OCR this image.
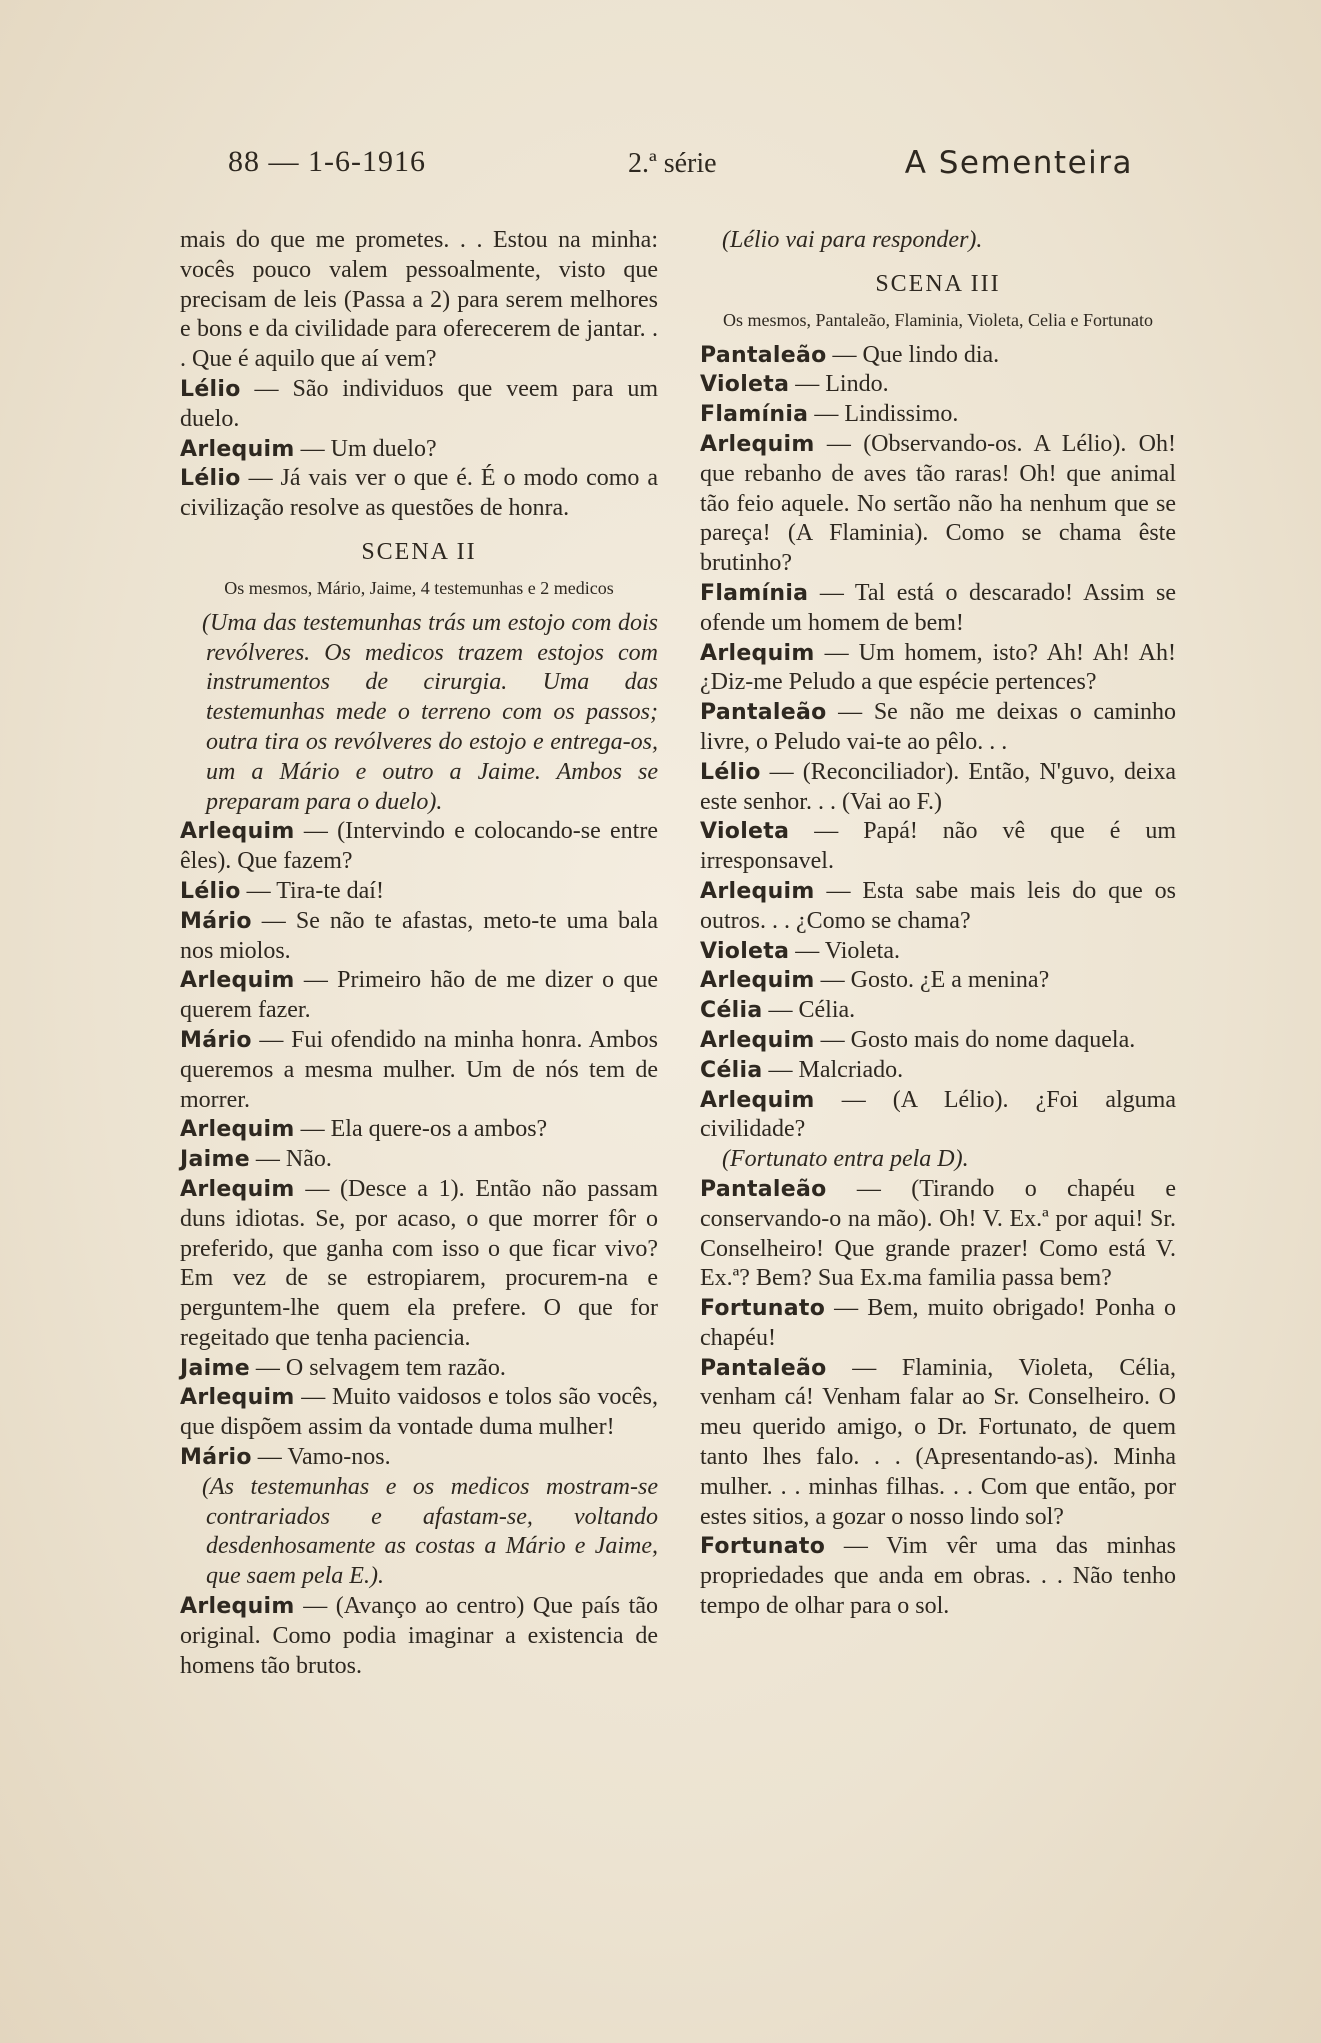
88 — 1-6-1916	2.ª série	A Sementeira

mais do que me prometes. . . Estou na minha: vocês pouco valem pessoalmente, visto que precisam de leis (Passa a 2) para serem melhores e bons e da civilidade para oferecerem de jantar. . . Que é aquilo que aí vem?

Lélio — São individuos que veem para um duelo.

Arlequim — Um duelo?

Lélio — Já vais ver o que é. É o modo como a civilização resolve as questões de honra.

SCENA II
Os mesmos, Mário, Jaime, 4 testemunhas e 2 medicos

(Uma das testemunhas trás um estojo com dois revólveres. Os medicos trazem estojos com instrumentos de cirurgia. Uma das testemunhas mede o terreno com os passos; outra tira os revólveres do estojo e entrega-os, um a Mário e outro a Jaime. Ambos se preparam para o duelo).

Arlequim — (Intervindo e colocando-se entre êles). Que fazem?

Lélio — Tira-te daí!

Mário — Se não te afastas, meto-te uma bala nos miolos.

Arlequim — Primeiro hão de me dizer o que querem fazer.

Mário — Fui ofendido na minha honra. Ambos queremos a mesma mulher. Um de nós tem de morrer.

Arlequim — Ela quere-os a ambos?

Jaime — Não.

Arlequim — (Desce a 1). Então não passam duns idiotas. Se, por acaso, o que morrer fôr o preferido, que ganha com isso o que ficar vivo? Em vez de se estropiarem, procurem-na e perguntem-lhe quem ela prefere. O que for regeitado que tenha paciencia.

Jaime — O selvagem tem razão.

Arlequim — Muito vaidosos e tolos são vocês, que dispõem assim da vontade duma mulher!

Mário — Vamo-nos.

(As testemunhas e os medicos mostram-se contrariados e afastam-se, voltando desdenhosamente as costas a Mário e Jaime, que saem pela E.).

Arlequim — (Avanço ao centro) Que país tão original. Como podia imaginar a existencia de homens tão brutos.

(Lélio vai para responder).

SCENA III
Os mesmos, Pantaleão, Flaminia, Violeta, Celia e Fortunato

Pantaleão — Que lindo dia.

Violeta — Lindo.

Flamínia — Lindissimo.

Arlequim — (Observando-os. A Lélio). Oh! que rebanho de aves tão raras! Oh! que animal tão feio aquele. No sertão não ha nenhum que se pareça! (A Flaminia). Como se chama êste brutinho?

Flamínia — Tal está o descarado! Assim se ofende um homem de bem!

Arlequim — Um homem, isto? Ah! Ah! Ah! ¿Diz-me Peludo a que espécie pertences?

Pantaleão — Se não me deixas o caminho livre, o Peludo vai-te ao pêlo. . .

Lélio — (Reconciliador). Então, N'guvo, deixa este senhor. . . (Vai ao F.)

Violeta — Papá! não vê que é um irresponsavel.

Arlequim — Esta sabe mais leis do que os outros. . . ¿Como se chama?

Violeta — Violeta.

Arlequim — Gosto. ¿E a menina?

Célia — Célia.

Arlequim — Gosto mais do nome daquela.

Célia — Malcriado.

Arlequim — (A Lélio). ¿Foi alguma civilidade?

(Fortunato entra pela D).

Pantaleão — (Tirando o chapéu e conservando-o na mão). Oh! V. Ex.ª por aqui! Sr. Conselheiro! Que grande prazer! Como está V. Ex.ª? Bem? Sua Ex.ma familia passa bem?

Fortunato — Bem, muito obrigado! Ponha o chapéu!

Pantaleão — Flaminia, Violeta, Célia, venham cá! Venham falar ao Sr. Conselheiro. O meu querido amigo, o Dr. Fortunato, de quem tanto lhes falo. . . (Apresentando-as). Minha mulher. . . minhas filhas. . . Com que então, por estes sitios, a gozar o nosso lindo sol?

Fortunato — Vim vêr uma das minhas propriedades que anda em obras. . . Não tenho tempo de olhar para o sol.
